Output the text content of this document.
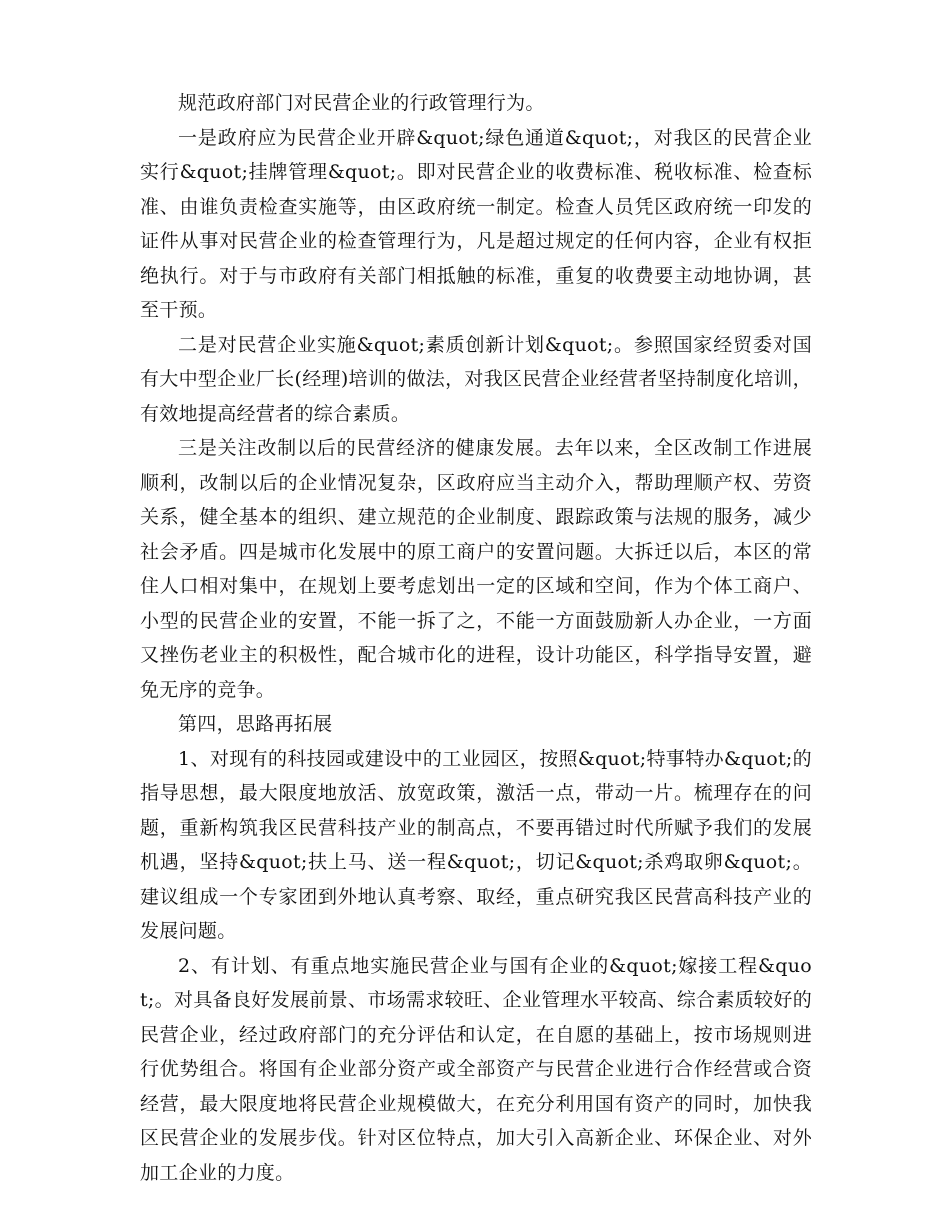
规范政府部门对民营企业的行政管理行为。

一是政府应为民营企业开辟&quot;绿色通道&quot;，对我区的民营企业实行&quot;挂牌管理&quot;。即对民营企业的收费标准、税收标准、检查标准、由谁负责检查实施等，由区政府统一制定。检查人员凭区政府统一印发的证件从事对民营企业的检查管理行为，凡是超过规定的任何内容，企业有权拒绝执行。对于与市政府有关部门相抵触的标准，重复的收费要主动地协调，甚至干预。

二是对民营企业实施&quot;素质创新计划&quot;。参照国家经贸委对国有大中型企业厂长(经理)培训的做法，对我区民营企业经营者坚持制度化培训，有效地提高经营者的综合素质。

三是关注改制以后的民营经济的健康发展。去年以来，全区改制工作进展顺利，改制以后的企业情况复杂，区政府应当主动介入，帮助理顺产权、劳资关系，健全基本的组织、建立规范的企业制度、跟踪政策与法规的服务，减少社会矛盾。四是城市化发展中的原工商户的安置问题。大拆迁以后，本区的常住人口相对集中，在规划上要考虑划出一定的区域和空间，作为个体工商户、小型的民营企业的安置，不能一拆了之，不能一方面鼓励新人办企业，一方面又挫伤老业主的积极性，配合城市化的进程，设计功能区，科学指导安置，避免无序的竞争。

第四，思路再拓展

1、对现有的科技园或建设中的工业园区，按照&quot;特事特办&quot;的指导思想，最大限度地放活、放宽政策，激活一点，带动一片。梳理存在的问题，重新构筑我区民营科技产业的制高点，不要再错过时代所赋予我们的发展机遇，坚持&quot;扶上马、送一程&quot;，切记&quot;杀鸡取卵&quot;。建议组成一个专家团到外地认真考察、取经，重点研究我区民营高科技产业的发展问题。

2、有计划、有重点地实施民营企业与国有企业的&quot;嫁接工程&quot;。对具备良好发展前景、市场需求较旺、企业管理水平较高、综合素质较好的民营企业，经过政府部门的充分评估和认定，在自愿的基础上，按市场规则进行优势组合。将国有企业部分资产或全部资产与民营企业进行合作经营或合资经营，最大限度地将民营企业规模做大，在充分利用国有资产的同时，加快我区民营企业的发展步伐。针对区位特点，加大引入高新企业、环保企业、对外加工企业的力度。
